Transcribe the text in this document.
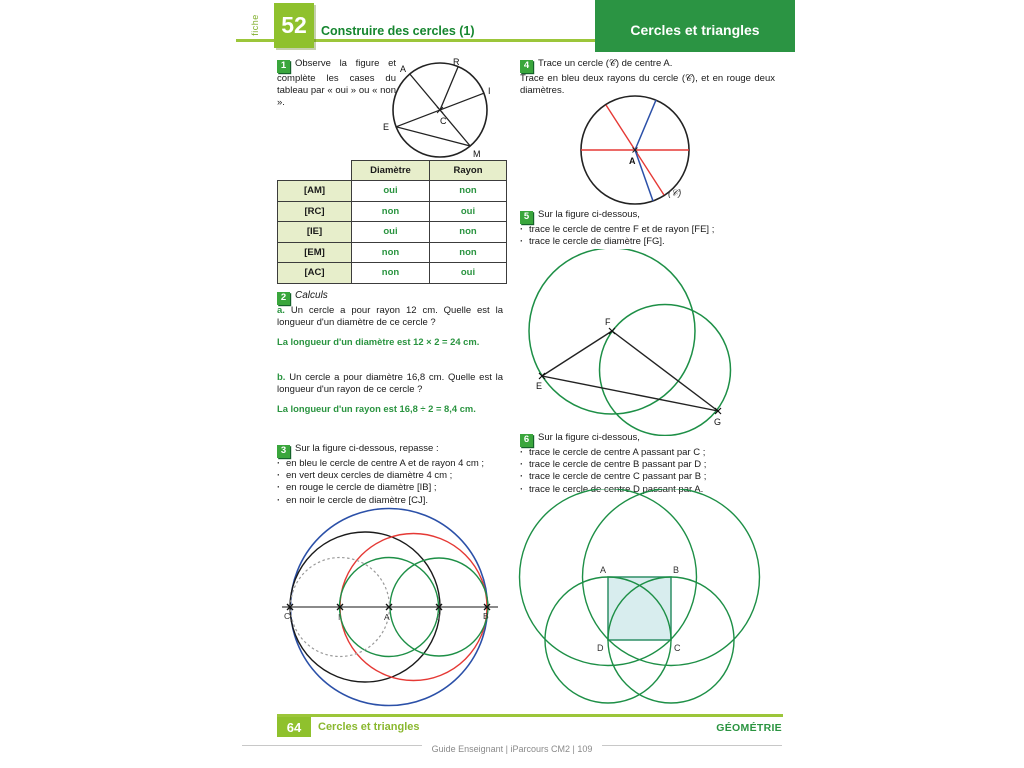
fiche 52	Construire des cercles (1)	Cercles et triangles
1 Observe la figure et complète les cases du tableau par « oui » ou « non ».
A
R
I
C
E
M
	Diamètre	Rayon
[AM]	oui	non
[RC]	non	oui
[IE]	oui	non
[EM]	non	non
[AC]	non	oui
2 Calculs
a. Un cercle a pour rayon 12 cm. Quelle est la longueur d'un diamètre de ce cercle ?
La longueur d'un diamètre est 12 × 2 = 24 cm.
b. Un cercle a pour diamètre 16,8 cm. Quelle est la longueur d'un rayon de ce cercle ?
La longueur d'un rayon est 16,8 ÷ 2 = 8,4 cm.
3 Sur la figure ci-dessous, repasse :
· en bleu le cercle de centre A et de rayon 4 cm ;
· en vert deux cercles de diamètre 4 cm ;
· en rouge le cercle de diamètre [IB] ;
· en noir le cercle de diamètre [CJ].
C	I	A	J	B
4 Trace un cercle (𝒞) de centre A.
Trace en bleu deux rayons du cercle (𝒞), et en rouge deux diamètres.
A
(𝒞)
5 Sur la figure ci-dessous,
· trace le cercle de centre F et de rayon [FE] ;
· trace le cercle de diamètre [FG].
F
E
G
6 Sur la figure ci-dessous,
· trace le cercle de centre A passant par C ;
· trace le cercle de centre B passant par D ;
· trace le cercle de centre C passant par B ;
· trace le cercle de centre D passant par A.
A	B
C
D
64	Cercles et triangles	GÉOMÉTRIE
Guide Enseignant | iParcours CM2 | 109
